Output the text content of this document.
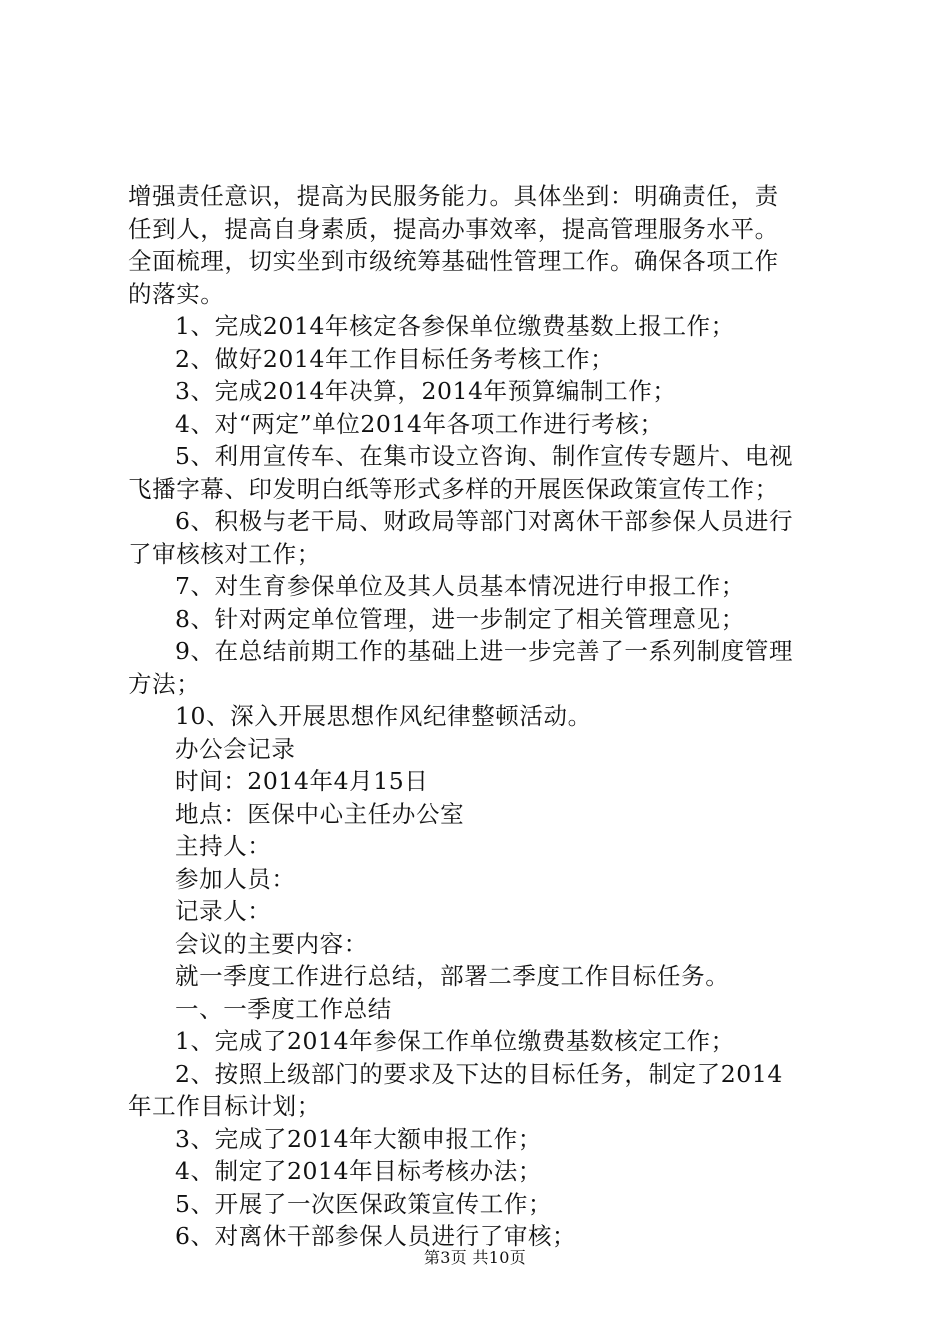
增强责任意识，提高为民服务能力。具体坐到：明确责任，责
任到人，提高自身素质，提高办事效率，提高管理服务水平。
全面梳理，切实坐到市级统筹基础性管理工作。确保各项工作
的落实。
1、完成2014年核定各参保单位缴费基数上报工作；
2、做好2014年工作目标任务考核工作；
3、完成2014年决算，2014年预算编制工作；
4、对“两定”单位2014年各项工作进行考核；
5、利用宣传车、在集市设立咨询、制作宣传专题片、电视
飞播字幕、印发明白纸等形式多样的开展医保政策宣传工作；
6、积极与老干局、财政局等部门对离休干部参保人员进行
了审核核对工作；
7、对生育参保单位及其人员基本情况进行申报工作；
8、针对两定单位管理，进一步制定了相关管理意见；
9、在总结前期工作的基础上进一步完善了一系列制度管理
方法；
10、深入开展思想作风纪律整顿活动。
办公会记录
时间：2014年4月15日
地点：医保中心主任办公室
主持人：
参加人员：
记录人：
会议的主要内容：
就一季度工作进行总结，部署二季度工作目标任务。
一、一季度工作总结
1、完成了2014年参保工作单位缴费基数核定工作；
2、按照上级部门的要求及下达的目标任务，制定了2014
年工作目标计划；
3、完成了2014年大额申报工作；
4、制定了2014年目标考核办法；
5、开展了一次医保政策宣传工作；
6、对离休干部参保人员进行了审核；
第3页 共10页
